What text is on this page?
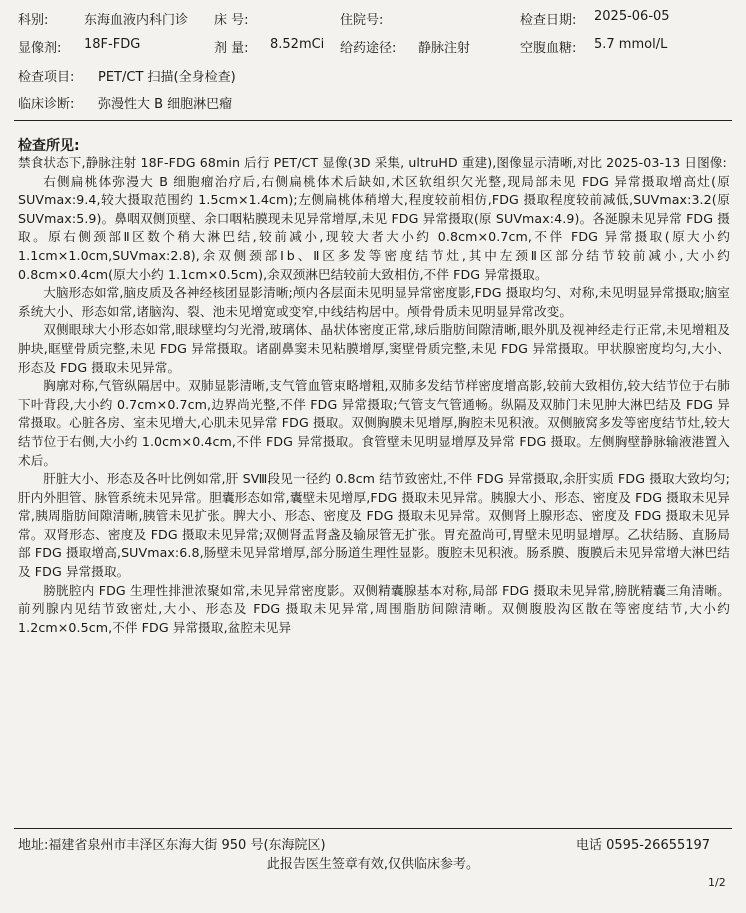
科别:	东海血液内科门诊 床 号:	住院号:	检查日期: 2025-06-05
显像剂: 18F-FDG	剂 量: 8.52mCi 给药途径: 静脉注射	空腹血糖: 5.7 mmol/L
检查项目: PET/CT 扫描(全身检查)
临床诊断: 弥漫性大 B 细胞淋巴瘤
检查所见:

禁食状态下,静脉注射 18F-FDG 68min 后行 PET/CT 显像(3D 采集, ultruHD 重建),图像显示清晰,对比 2025-03-13 日图像:

右侧扁桃体弥漫大 B 细胞瘤治疗后,右侧扁桃体术后缺如,术区软组织欠光整,现局部未见 FDG 异常摄取增高灶(原 SUVmax:9.4,较大摄取范围约 1.5cm×1.4cm);左侧扁桃体稍增大,程度较前相仿,FDG 摄取程度较前减低,SUVmax:3.2(原 SUVmax:5.9)。鼻咽双侧顶壁、余口咽粘膜现未见异常增厚,未见 FDG 异常摄取(原 SUVmax:4.9)。各涎腺未见异常 FDG 摄取。原右侧颈部Ⅱ区数个稍大淋巴结,较前减小,现较大者大小约 0.8cm×0.7cm,不伴 FDG 异常摄取(原大小约 1.1cm×1.0cm,SUVmax:2.8),余双侧颈部Ⅰb、Ⅱ区多发等密度结节灶,其中左颈Ⅱ区部分结节较前减小,大小约 0.8cm×0.4cm(原大小约 1.1cm×0.5cm),余双颈淋巴结较前大致相仿,不伴 FDG 异常摄取。

大脑形态如常,脑皮质及各神经核团显影清晰;颅内各层面未见明显异常密度影,FDG 摄取均匀、对称,未见明显异常摄取;脑室系统大小、形态如常,诸脑沟、裂、池未见增宽或变窄,中线结构居中。颅骨骨质未见明显异常改变。

双侧眼球大小形态如常,眼球壁均匀光滑,玻璃体、晶状体密度正常,球后脂肪间隙清晰,眼外肌及视神经走行正常,未见增粗及肿块,眶壁骨质完整,未见 FDG 异常摄取。诸副鼻窦未见粘膜增厚,窦壁骨质完整,未见 FDG 异常摄取。甲状腺密度均匀,大小、形态及 FDG 摄取未见异常。

胸廓对称,气管纵隔居中。双肺显影清晰,支气管血管束略增粗,双肺多发结节样密度增高影,较前大致相仿,较大结节位于右肺下叶背段,大小约 0.7cm×0.7cm,边界尚光整,不伴 FDG 异常摄取;气管支气管通畅。纵隔及双肺门未见肿大淋巴结及 FDG 异常摄取。心脏各房、室未见增大,心肌未见异常 FDG 摄取。双侧胸膜未见增厚,胸腔未见积液。双侧腋窝多发等密度结节灶,较大结节位于右侧,大小约 1.0cm×0.4cm,不伴 FDG 异常摄取。食管壁未见明显增厚及异常 FDG 摄取。左侧胸壁静脉输液港置入术后。

肝脏大小、形态及各叶比例如常,肝 SⅧ段见一径约 0.8cm 结节致密灶,不伴 FDG 异常摄取,余肝实质 FDG 摄取大致均匀;肝内外胆管、脉管系统未见异常。胆囊形态如常,囊壁未见增厚,FDG 摄取未见异常。胰腺大小、形态、密度及 FDG 摄取未见异常,胰周脂肪间隙清晰,胰管未见扩张。脾大小、形态、密度及 FDG 摄取未见异常。双侧肾上腺形态、密度及 FDG 摄取未见异常。双肾形态、密度及 FDG 摄取未见异常;双侧肾盂肾盏及输尿管无扩张。胃充盈尚可,胃壁未见明显增厚。乙状结肠、直肠局部 FDG 摄取增高,SUVmax:6.8,肠壁未见异常增厚,部分肠道生理性显影。腹腔未见积液。肠系膜、腹膜后未见异常增大淋巴结及 FDG 异常摄取。

膀胱腔内 FDG 生理性排泄浓聚如常,未见异常密度影。双侧精囊腺基本对称,局部 FDG 摄取未见异常,膀胱精囊三角清晰。前列腺内见结节致密灶,大小、形态及 FDG 摄取未见异常,周围脂肪间隙清晰。双侧腹股沟区散在等密度结节,大小约 1.2cm×0.5cm,不伴 FDG 异常摄取,盆腔未见异

地址:福建省泉州市丰泽区东海大街 950 号(东海院区)	电话 0595-26655197
此报告医生签章有效,仅供临床参考。
1/2
